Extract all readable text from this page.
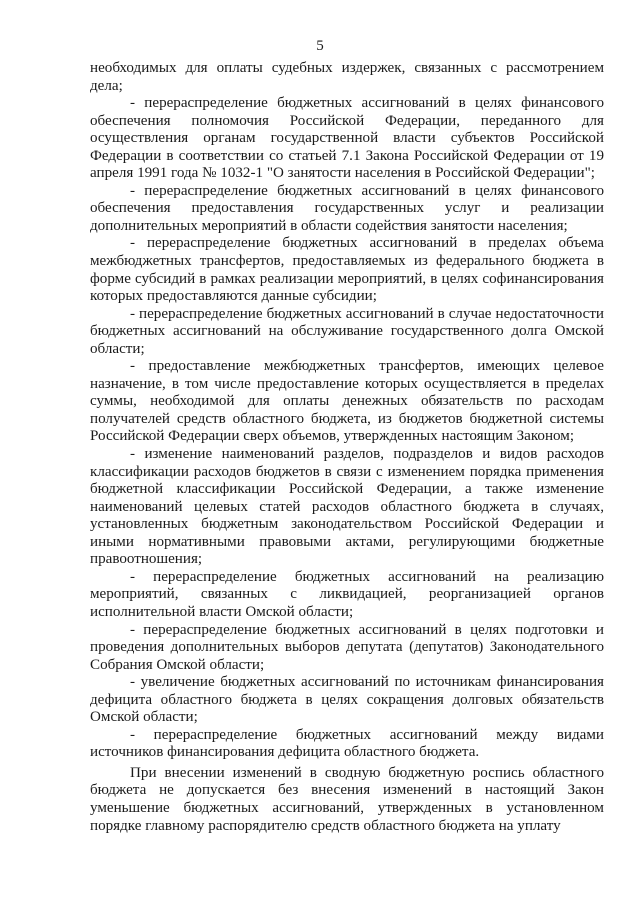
5

необходимых для оплаты судебных издержек, связанных с рассмотрением дела;

- перераспределение бюджетных ассигнований в целях финансового обеспечения полномочия Российской Федерации, переданного для осуществления органам государственной власти субъектов Российской Федерации в соответствии со статьей 7.1 Закона Российской Федерации от 19 апреля 1991 года № 1032-1 "О занятости населения в Российской Федерации";

- перераспределение бюджетных ассигнований в целях финансового обеспечения предоставления государственных услуг и реализации дополнительных мероприятий в области содействия занятости населения;

- перераспределение бюджетных ассигнований в пределах объема межбюджетных трансфертов, предоставляемых из федерального бюджета в форме субсидий в рамках реализации мероприятий, в целях софинансирования которых предоставляются данные субсидии;

- перераспределение бюджетных ассигнований в случае недостаточности бюджетных ассигнований на обслуживание государственного долга Омской области;

- предоставление межбюджетных трансфертов, имеющих целевое назначение, в том числе предоставление которых осуществляется в пределах суммы, необходимой для оплаты денежных обязательств по расходам получателей средств областного бюджета, из бюджетов бюджетной системы Российской Федерации сверх объемов, утвержденных настоящим Законом;

- изменение наименований разделов, подразделов и видов расходов классификации расходов бюджетов в связи с изменением порядка применения бюджетной классификации Российской Федерации, а также изменение наименований целевых статей расходов областного бюджета в случаях, установленных бюджетным законодательством Российской Федерации и иными нормативными правовыми актами, регулирующими бюджетные правоотношения;

- перераспределение бюджетных ассигнований на реализацию мероприятий, связанных с ликвидацией, реорганизацией органов исполнительной власти Омской области;

- перераспределение бюджетных ассигнований в целях подготовки и проведения дополнительных выборов депутата (депутатов) Законодательного Собрания Омской области;

- увеличение бюджетных ассигнований по источникам финансирования дефицита областного бюджета в целях сокращения долговых обязательств Омской области;

- перераспределение бюджетных ассигнований между видами источников финансирования дефицита областного бюджета.

При внесении изменений в сводную бюджетную роспись областного бюджета не допускается без внесения изменений в настоящий Закон уменьшение бюджетных ассигнований, утвержденных в установленном порядке главному распорядителю средств областного бюджета на уплату
